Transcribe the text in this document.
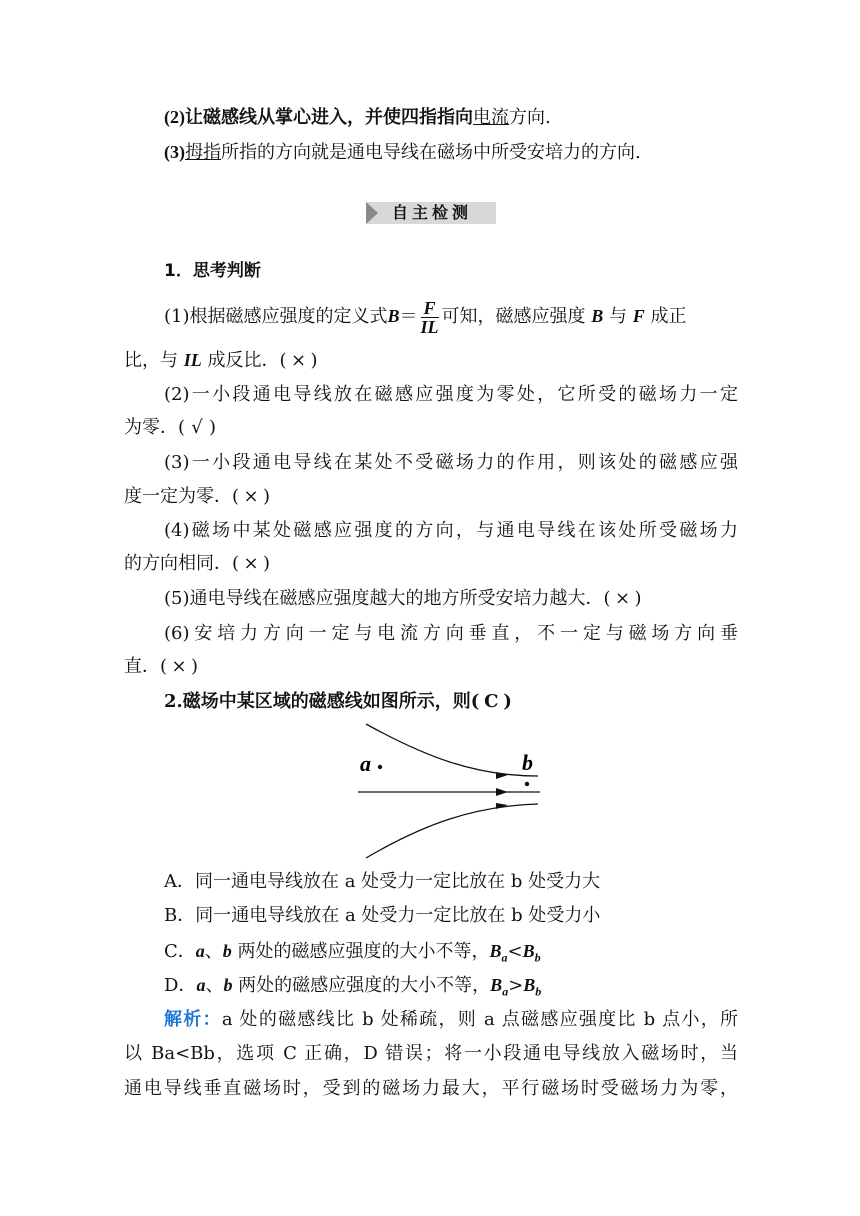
(2)让磁感线从掌心进入，并使四指指向电流方向.
(3)拇指所指的方向就是通电导线在磁场中所受安培力的方向.
自主检测
1．思考判断
(1)根据磁感应强度的定义式$B= \frac{F}{IL}$ 可知，磁感应强度 B 与 F 成正
比，与 IL 成反比．( × )
(2)一小段通电导线放在磁感应强度为零处，它所受的磁场力一定
为零．( √ )
(3)一小段通电导线在某处不受磁场力的作用，则该处的磁感应强
度一定为零．( × )
(4)磁场中某处磁感应强度的方向，与通电导线在该处所受磁场力
的方向相同．( × )
(5)通电导线在磁感应强度越大的地方所受安培力越大．( × )
(6)安培力方向一定与电流方向垂直，不一定与磁场方向垂
直．( × )
2.磁场中某区域的磁感线如图所示，则( C )
a	b
A．同一通电导线放在 a 处受力一定比放在 b 处受力大
B．同一通电导线放在 a 处受力一定比放在 b 处受力小
C．a、b 两处的磁感应强度的大小不等，$B_a<B_b$
D．a、b 两处的磁感应强度的大小不等，$B_a>B_b$
解析：a 处的磁感线比 b 处稀疏，则 a 点磁感应强度比 b 点小，所
以 Ba<Bb，选项 C 正确，D 错误；将一小段通电导线放入磁场时，当
通电导线垂直磁场时，受到的磁场力最大，平行磁场时受磁场力为零，
